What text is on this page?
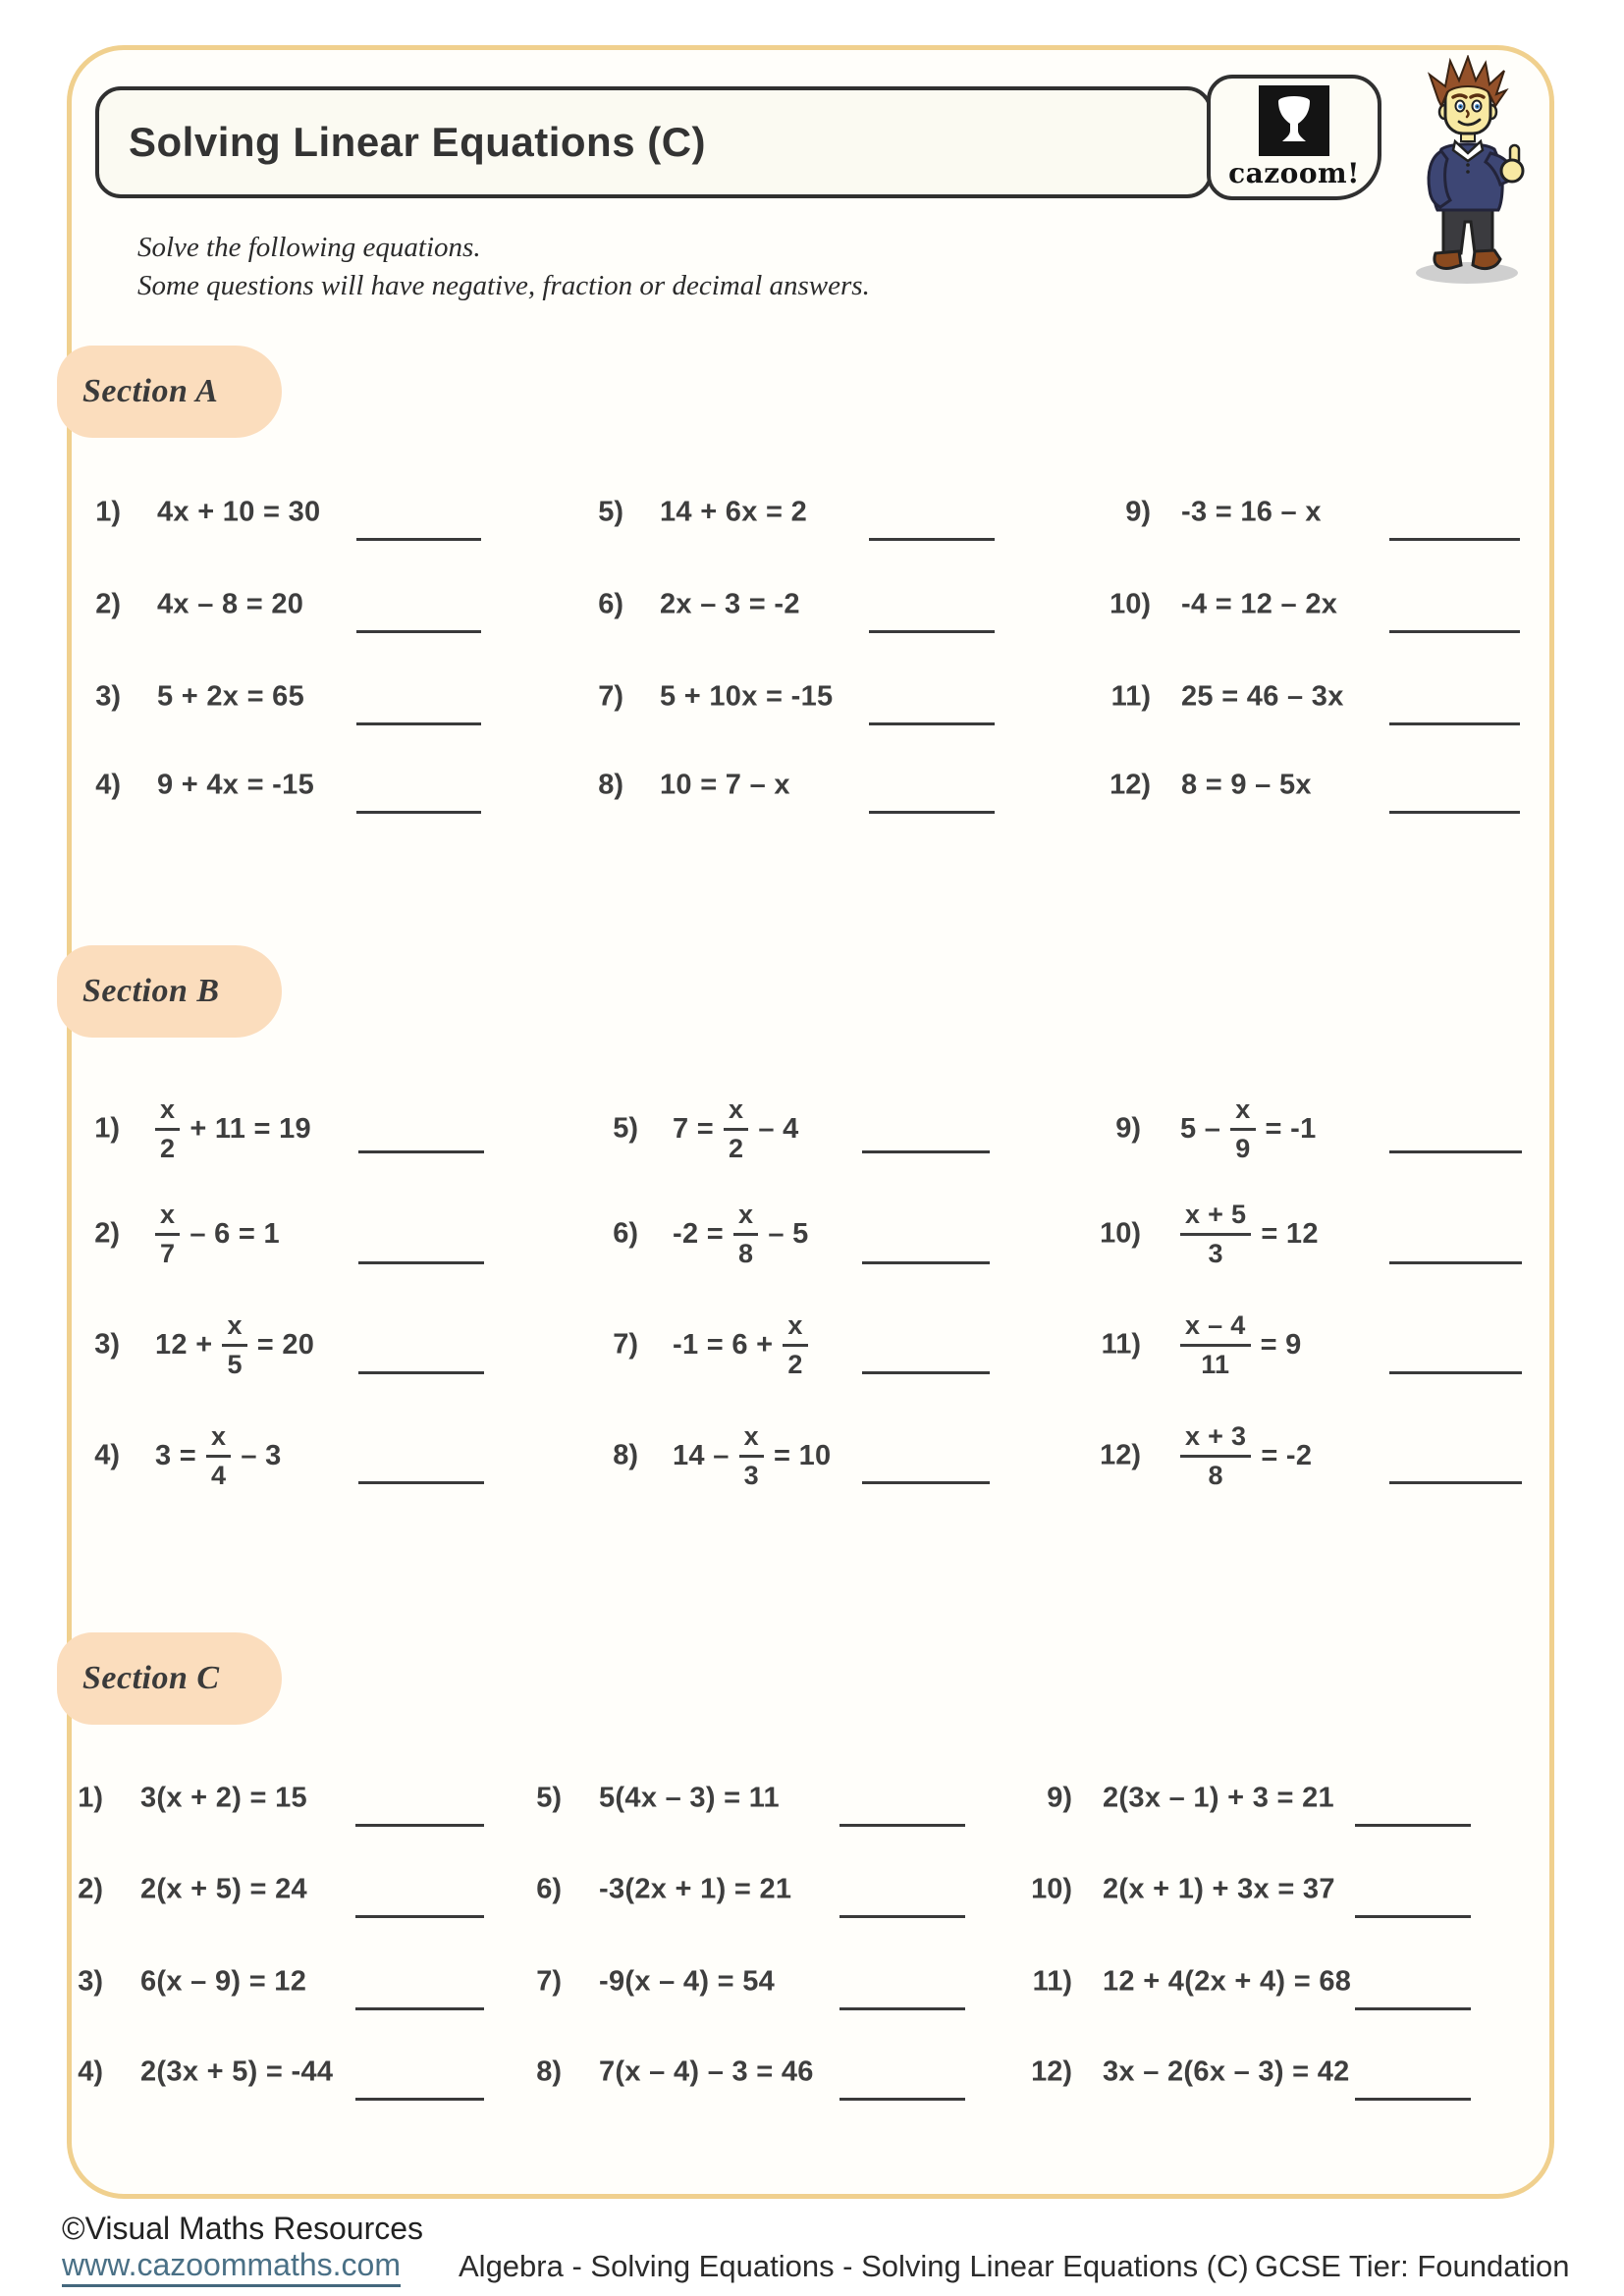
Solving Linear Equations (C)
cazoom!
Solve the following equations.
Some questions will have negative, fraction or decimal answers.
Section A
1) 4x + 10 = 30
2) 4x – 8 = 20
3) 5 + 2x = 65
4) 9 + 4x = -15
5) 14 + 6x = 2
6) 2x – 3 = -2
7) 5 + 10x = -15
8) 10 = 7 – x
9) -3 = 16 – x
10) -4 = 12 – 2x
11) 25 = 46 – 3x
12) 8 = 9 – 5x
Section B
$1) \frac{x}{2} + 11 = 19$
$2) \frac{x}{7} - 6 = 1$
3) $12 + \frac{x}{5} = 20$
4) $3 = \frac{x}{4} - 3$
5) $7 = \frac{x}{2} - 4$
6) $-2 = \frac{x}{8} - 5$
7) $-1 = 6 + \frac{x}{2}$
8) $14 - \frac{x}{3} = 10$
9) $5 - \frac{x}{9} = -1$
$10) \frac{x + 5}{3} = 12$
$11) \frac{x - 4}{11} = 9$
$12) \frac{x + 3}{8} = -2$
Section C
1) 3(x + 2) = 15
2) 2(x + 5) = 24
3) 6(x – 9) = 12
4) 2(3x + 5) = -44
5) 5(4x – 3) = 11
6) -3(2x + 1) = 21
7) -9(x – 4) = 54
8) 7(x – 4) – 3 = 46
9) 2(3x – 1) + 3 = 21
10) 2(x + 1) + 3x = 37
11) 12 + 4(2x + 4) = 68
12) 3x – 2(6x – 3) = 42
©Visual Maths Resources
www.cazoommaths.com Algebra - Solving Equations - Solving Linear Equations (C) GCSE Tier: Foundation
